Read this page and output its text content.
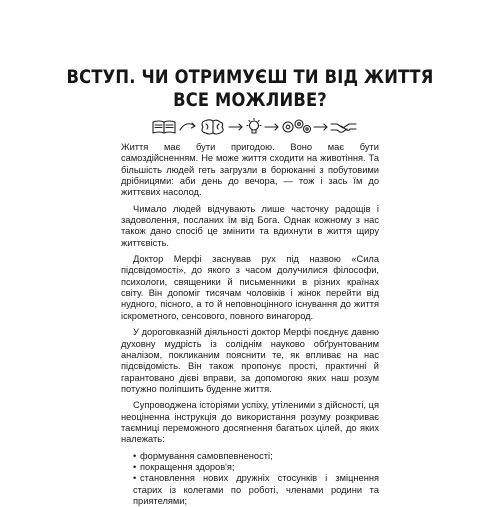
ВСТУП. ЧИ ОТРИМУЄШ ТИ ВІД ЖИТТЯ
ВСЕ МОЖЛИВЕ?

Життя має бути пригодою. Воно має бути самоздійсненням. Не може життя сходити на животіння. Та більшість людей геть загрузли в борюканні з побутовими дрібницями: аби день до вечора, — тож і зась їм до життєвих насолод.

Чимало людей відчувають лише часточку радощів і задоволення, посланих їм від Бога. Однак кожному з нас також дано спосіб це змінити та вдихнути в життя щиру життєвість.

Доктор Мерфі заснував рух під назвою «Сила підсвідомості», до якого з часом долучилися філософи, психологи, священики й письменники в різних країнах світу. Він допоміг тисячам чоловіків і жінок перейти від нудного, пісного, а то й неповноцінного існування до життя іскрометного, сенсового, повного винагород.

У дороговказній діяльності доктор Мерфі поєднує давню духовну мудрість із соліднім науково обґрунтованим аналізом, покликаним пояснити те, як впливає на нас підсвідомість. Він також пропонує прості, практичні й гарантовано дієві вправи, за допомогою яких наш розум потужно поліпшить буденне життя.

Супроводжена історіями успіху, утіленими з дійсності, ця неоціненна інструкція до використання розуму розкриває таємниці переможного досягнення багатьох цілей, до яких належать:

• формування самовпевненості;
• покращення здоров'я;
• становлення нових дружніх стосунків і зміцнення старих із колегами по роботі, членами родини та приятелями;
